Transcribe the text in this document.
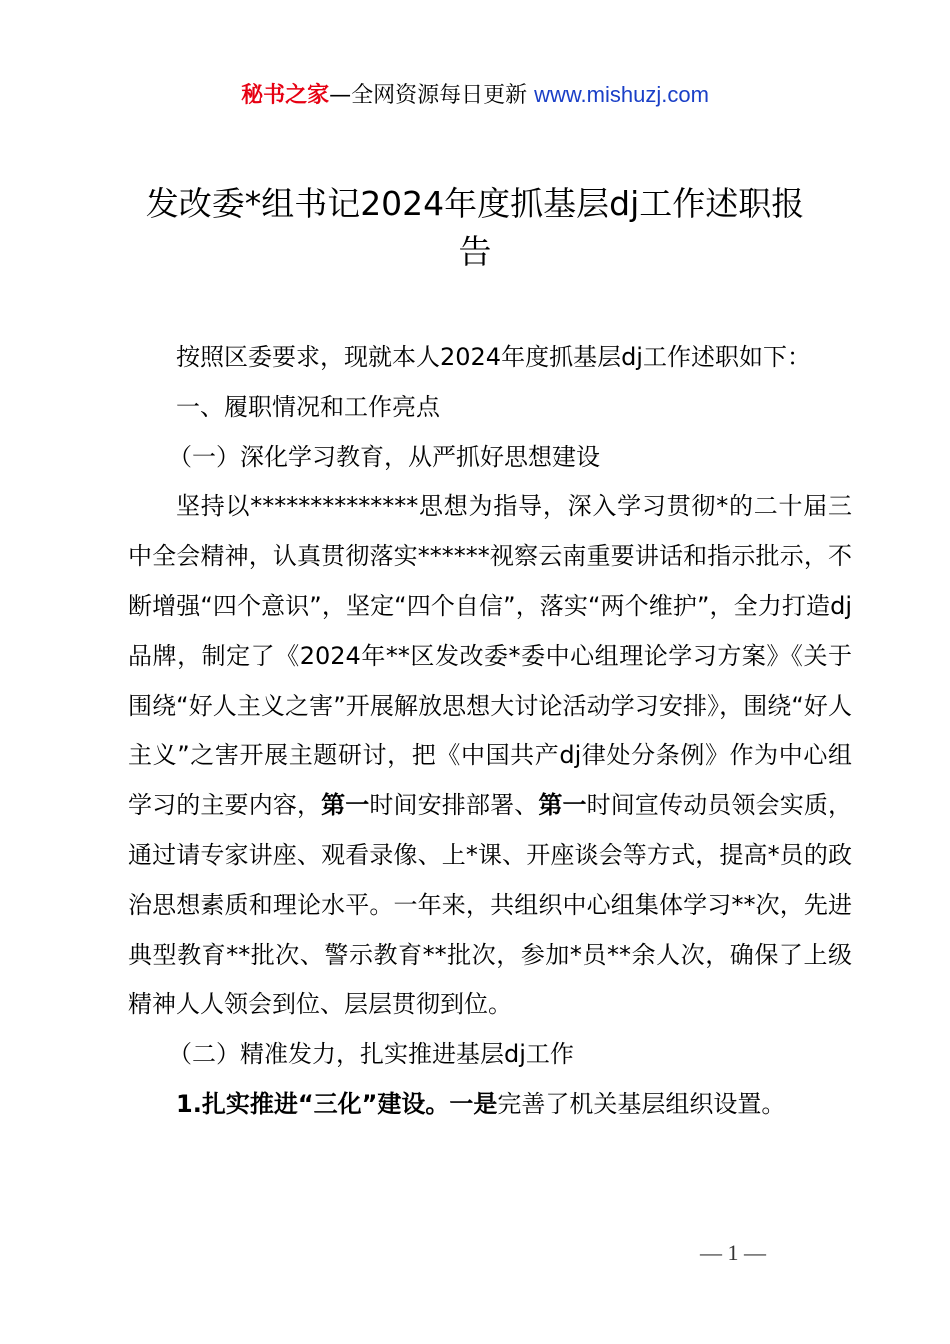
秘书之家—全网资源每日更新 www.mishuzj.com
发改委*组书记2024年度抓基层dj工作述职报
告

按照区委要求，现就本人2024年度抓基层dj工作述职如下：

一、履职情况和工作亮点

（一）深化学习教育，从严抓好思想建设

坚持以**************思想为指导，深入学习贯彻*的二十届三中全会精神，认真贯彻落实******视察云南重要讲话和指示批示，不断增强“四个意识”，坚定“四个自信”，落实“两个维护”，全力打造dj品牌，制定了《2024年**区发改委*委中心组理论学习方案》《关于围绕“好人主义之害”开展解放思想大讨论活动学习安排》，围绕“好人主义”之害开展主题研讨，把《中国共产dj律处分条例》作为中心组学习的主要内容，第一时间安排部署、第一时间宣传动员领会实质，通过请专家讲座、观看录像、上*课、开座谈会等方式，提高*员的政治思想素质和理论水平。一年来，共组织中心组集体学习**次，先进典型教育**批次、警示教育**批次，参加*员**余人次，确保了上级精神人人领会到位、层层贯彻到位。

（二）精准发力，扎实推进基层dj工作

1.扎实推进“三化”建设。一是完善了机关基层组织设置。

— 1 —
